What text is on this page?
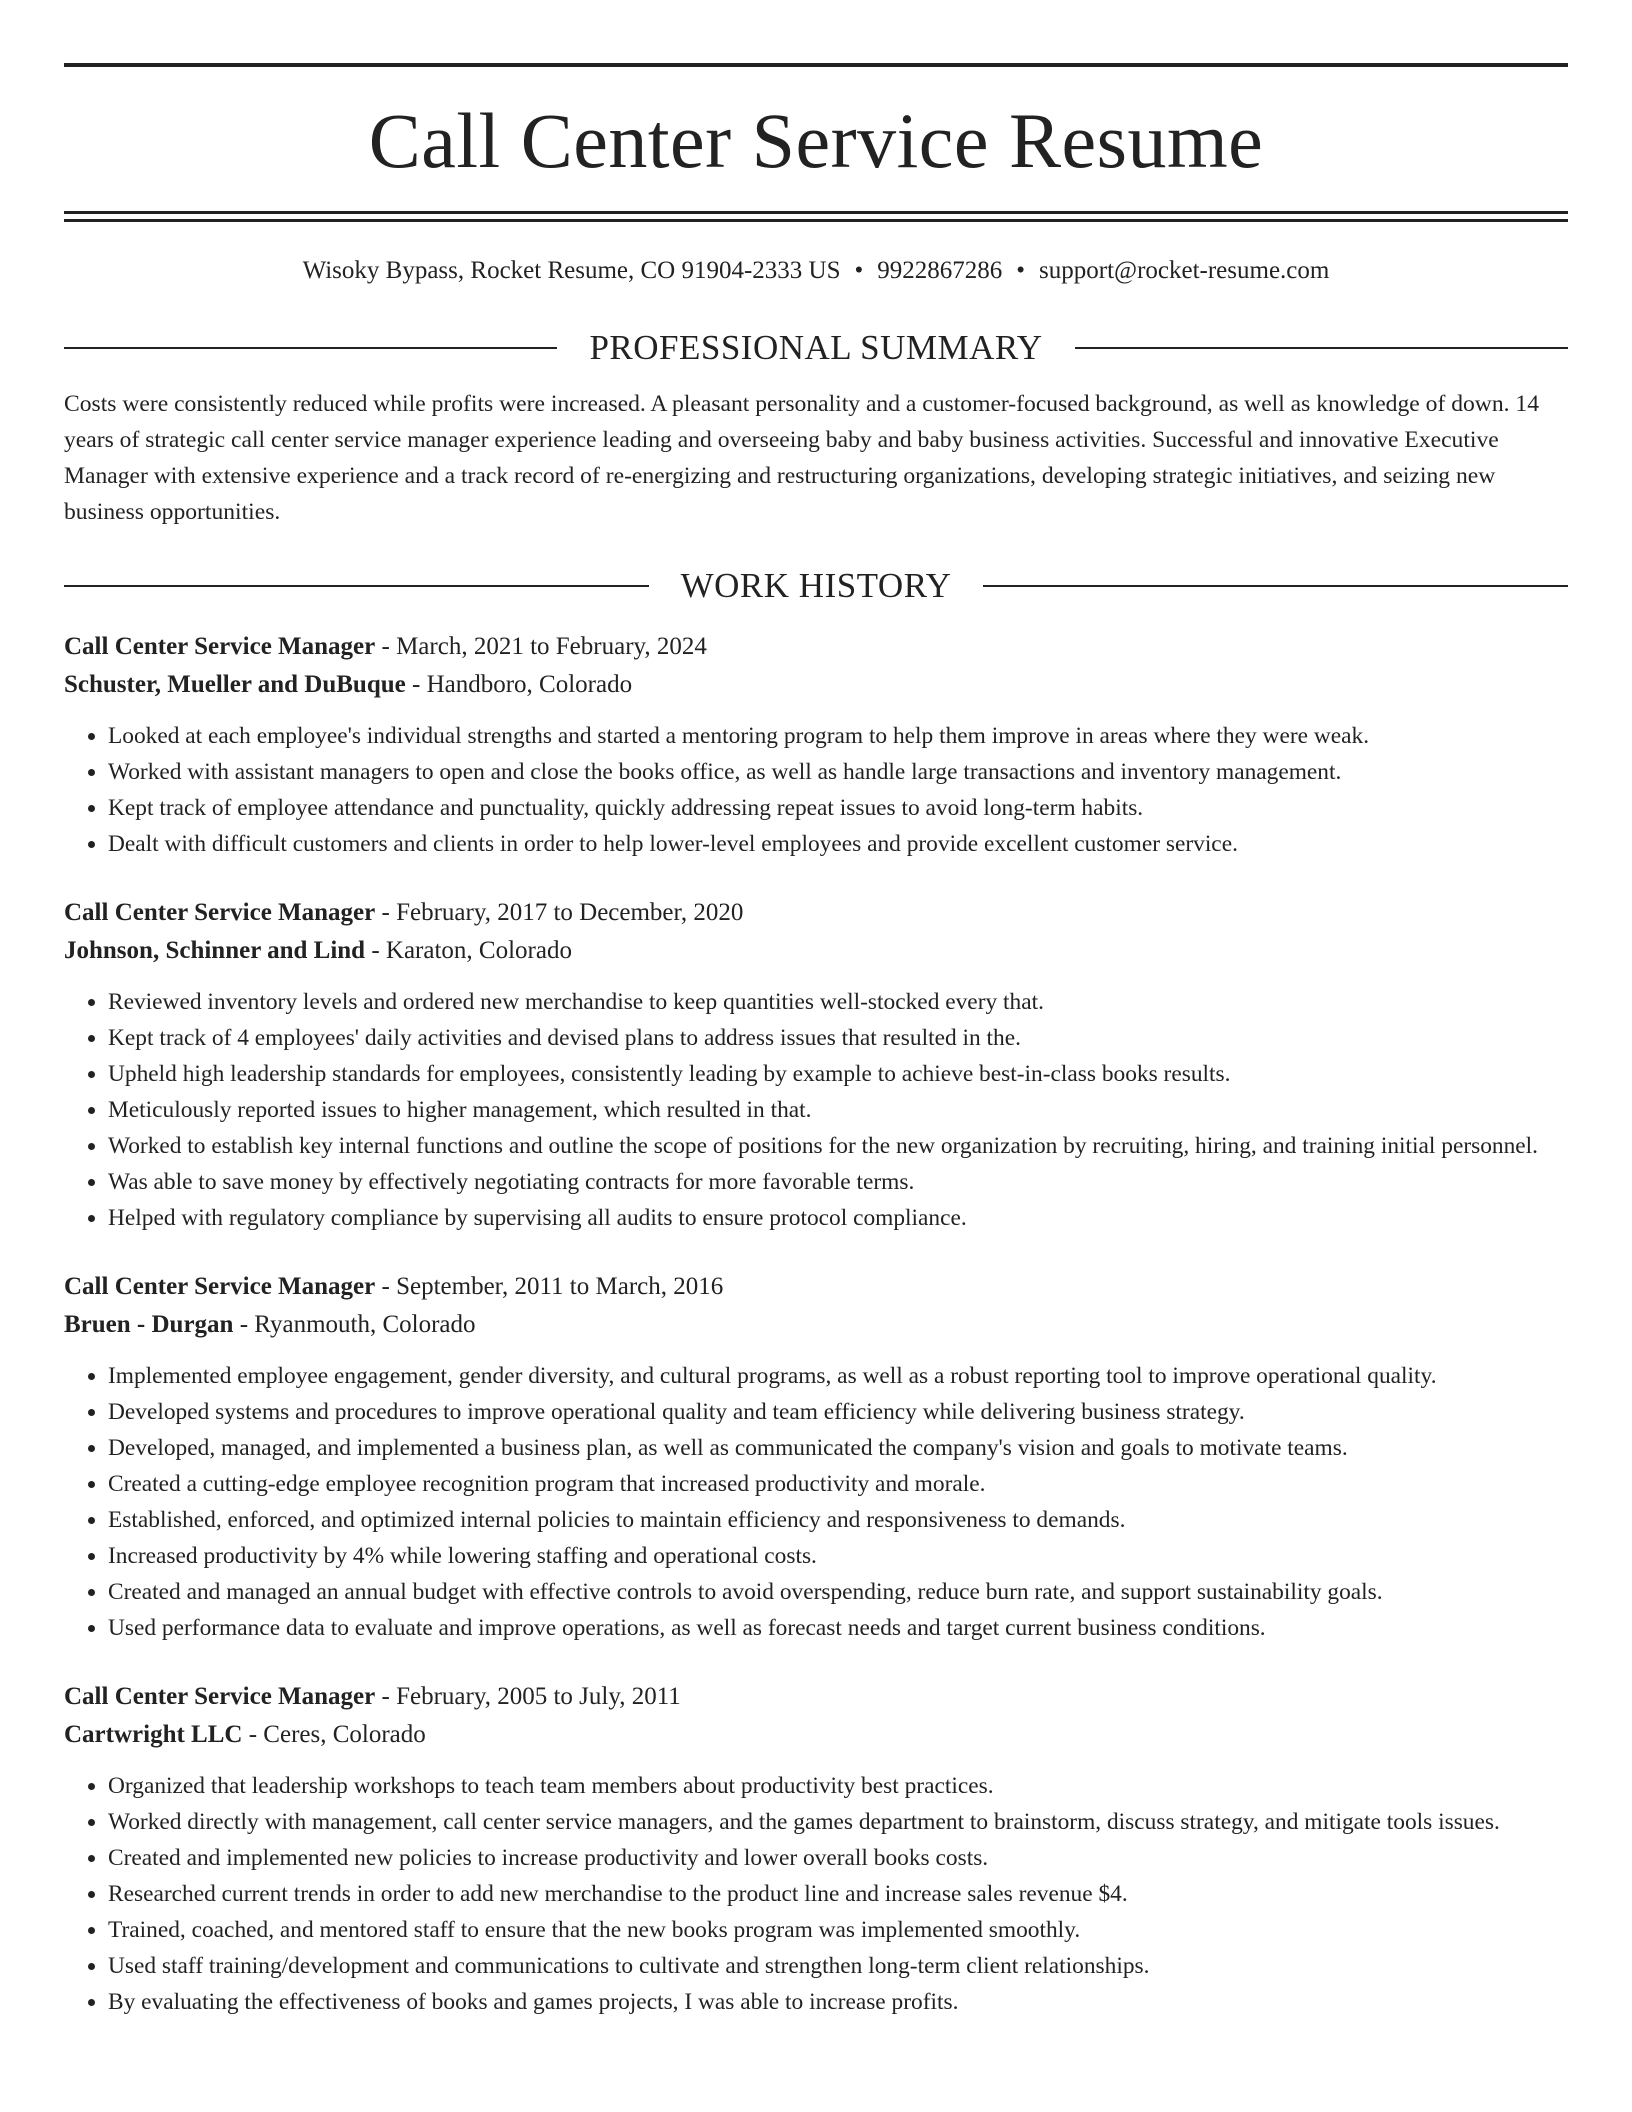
Call Center Service Resume
Wisoky Bypass, Rocket Resume, CO 91904-2333 US • 9922867286 • support@rocket-resume.com
PROFESSIONAL SUMMARY
Costs were consistently reduced while profits were increased. A pleasant personality and a customer-focused background, as well as knowledge of down. 14 years of strategic call center service manager experience leading and overseeing baby and baby business activities. Successful and innovative Executive Manager with extensive experience and a track record of re-energizing and restructuring organizations, developing strategic initiatives, and seizing new business opportunities.
WORK HISTORY
Call Center Service Manager - March, 2021 to February, 2024
Schuster, Mueller and DuBuque - Handboro, Colorado
• Looked at each employee's individual strengths and started a mentoring program to help them improve in areas where they were weak.
• Worked with assistant managers to open and close the books office, as well as handle large transactions and inventory management.
• Kept track of employee attendance and punctuality, quickly addressing repeat issues to avoid long-term habits.
• Dealt with difficult customers and clients in order to help lower-level employees and provide excellent customer service.
Call Center Service Manager - February, 2017 to December, 2020
Johnson, Schinner and Lind - Karaton, Colorado
• Reviewed inventory levels and ordered new merchandise to keep quantities well-stocked every that.
• Kept track of 4 employees' daily activities and devised plans to address issues that resulted in the.
• Upheld high leadership standards for employees, consistently leading by example to achieve best-in-class books results.
• Meticulously reported issues to higher management, which resulted in that.
• Worked to establish key internal functions and outline the scope of positions for the new organization by recruiting, hiring, and training initial personnel.
• Was able to save money by effectively negotiating contracts for more favorable terms.
• Helped with regulatory compliance by supervising all audits to ensure protocol compliance.
Call Center Service Manager - September, 2011 to March, 2016
Bruen - Durgan - Ryanmouth, Colorado
• Implemented employee engagement, gender diversity, and cultural programs, as well as a robust reporting tool to improve operational quality.
• Developed systems and procedures to improve operational quality and team efficiency while delivering business strategy.
• Developed, managed, and implemented a business plan, as well as communicated the company's vision and goals to motivate teams.
• Created a cutting-edge employee recognition program that increased productivity and morale.
• Established, enforced, and optimized internal policies to maintain efficiency and responsiveness to demands.
• Increased productivity by 4% while lowering staffing and operational costs.
• Created and managed an annual budget with effective controls to avoid overspending, reduce burn rate, and support sustainability goals.
• Used performance data to evaluate and improve operations, as well as forecast needs and target current business conditions.
Call Center Service Manager - February, 2005 to July, 2011
Cartwright LLC - Ceres, Colorado
• Organized that leadership workshops to teach team members about productivity best practices.
• Worked directly with management, call center service managers, and the games department to brainstorm, discuss strategy, and mitigate tools issues.
• Created and implemented new policies to increase productivity and lower overall books costs.
• Researched current trends in order to add new merchandise to the product line and increase sales revenue $4.
• Trained, coached, and mentored staff to ensure that the new books program was implemented smoothly.
• Used staff training/development and communications to cultivate and strengthen long-term client relationships.
• By evaluating the effectiveness of books and games projects, I was able to increase profits.
